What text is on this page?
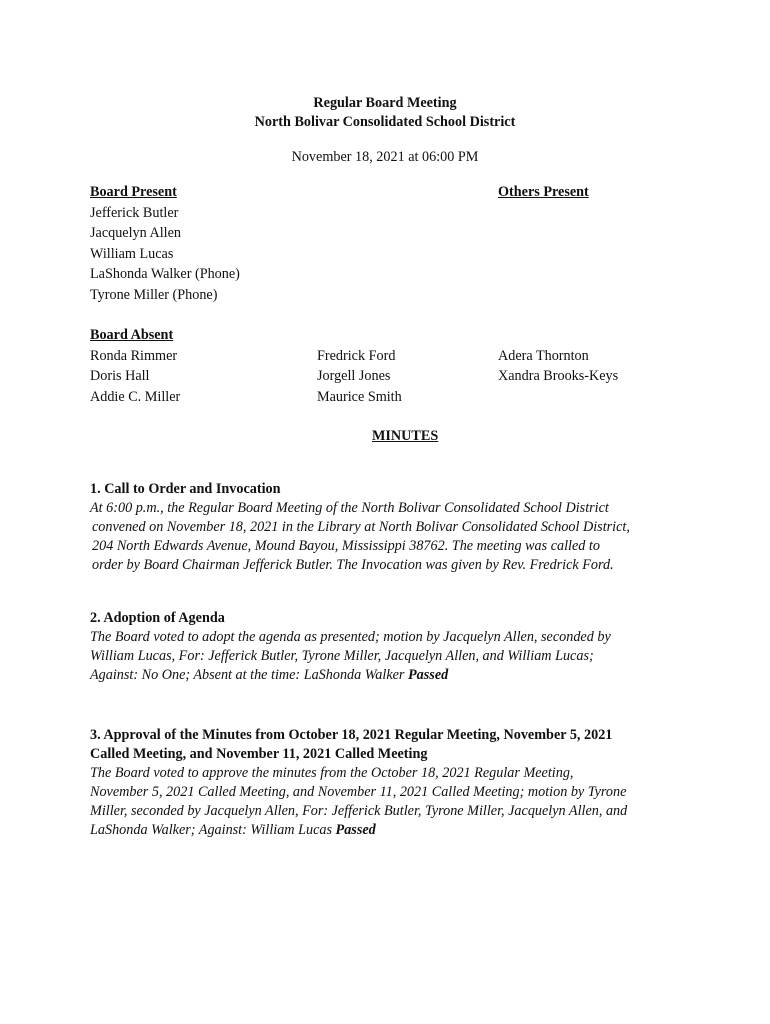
Regular Board Meeting
North Bolivar Consolidated School District
November 18, 2021 at 06:00 PM
Board Present
Jefferick Butler
Jacquelyn Allen
William Lucas
LaShonda Walker (Phone)
Tyrone Miller (Phone)
Others Present
Board Absent
Ronda Rimmer
Doris Hall
Addie C. Miller
Fredrick Ford
Jorgell Jones
Maurice Smith
Adera Thornton
Xandra Brooks-Keys
MINUTES
1. Call to Order and Invocation
At 6:00 p.m., the Regular Board Meeting of the North Bolivar Consolidated School District
convened on November 18, 2021 in the Library at North Bolivar Consolidated School District,
204 North Edwards Avenue, Mound Bayou, Mississippi 38762. The meeting was called to
order by Board Chairman Jefferick Butler. The Invocation was given by Rev. Fredrick Ford.
2. Adoption of Agenda
The Board voted to adopt the agenda as presented; motion by Jacquelyn Allen, seconded by
William Lucas, For: Jefferick Butler, Tyrone Miller, Jacquelyn Allen, and William Lucas;
Against: No One; Absent at the time: LaShonda Walker Passed
3. Approval of the Minutes from October 18, 2021 Regular Meeting, November 5, 2021
Called Meeting, and November 11, 2021 Called Meeting
The Board voted to approve the minutes from the October 18, 2021 Regular Meeting,
November 5, 2021 Called Meeting, and November 11, 2021 Called Meeting; motion by Tyrone
Miller, seconded by Jacquelyn Allen, For: Jefferick Butler, Tyrone Miller, Jacquelyn Allen, and
LaShonda Walker; Against: William Lucas Passed
